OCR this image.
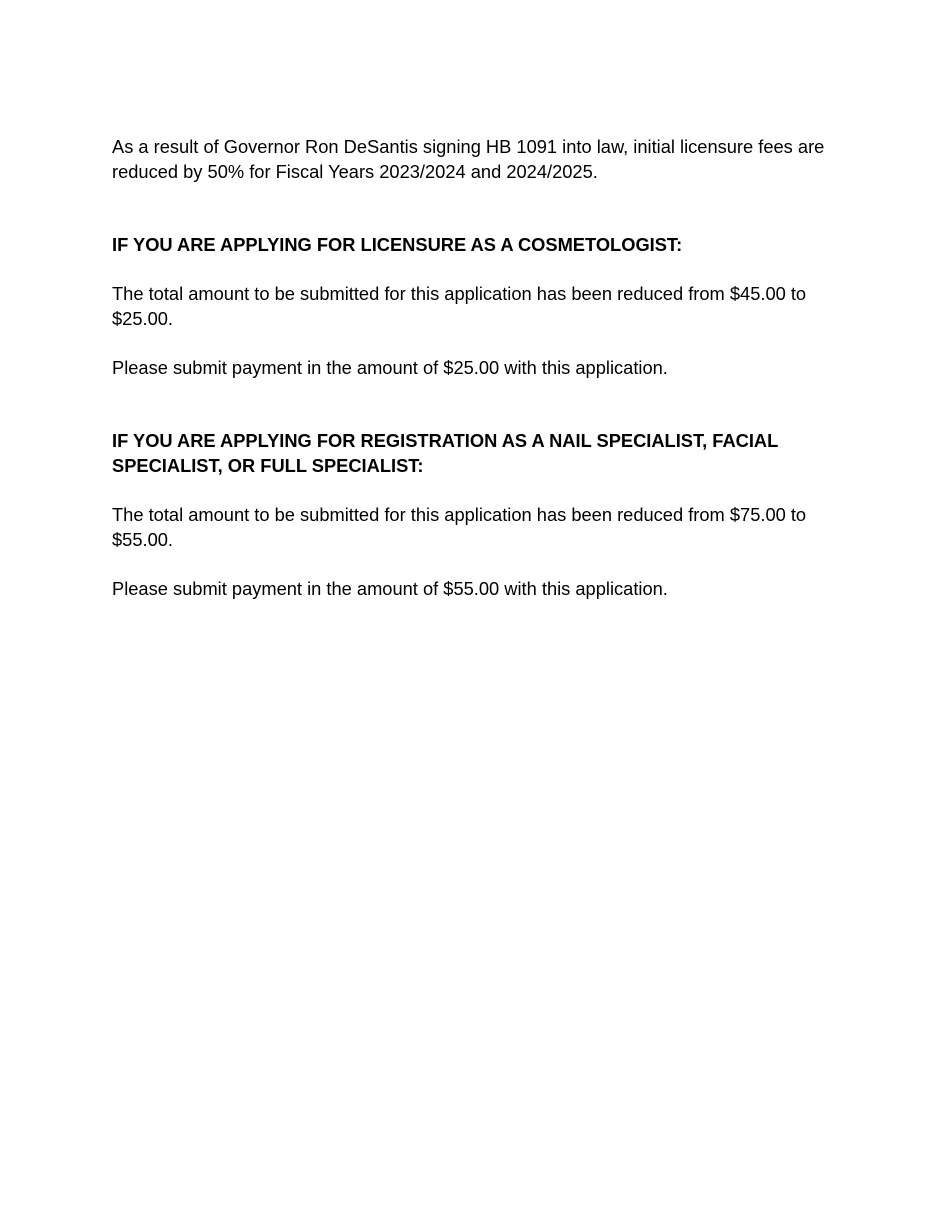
As a result of Governor Ron DeSantis signing HB 1091 into law, initial licensure fees are reduced by 50% for Fiscal Years 2023/2024 and 2024/2025.

IF YOU ARE APPLYING FOR LICENSURE AS A COSMETOLOGIST:

The total amount to be submitted for this application has been reduced from $45.00 to $25.00.

Please submit payment in the amount of $25.00 with this application.

IF YOU ARE APPLYING FOR REGISTRATION AS A NAIL SPECIALIST, FACIAL SPECIALIST, OR FULL SPECIALIST:

The total amount to be submitted for this application has been reduced from $75.00 to $55.00.

Please submit payment in the amount of $55.00 with this application.
